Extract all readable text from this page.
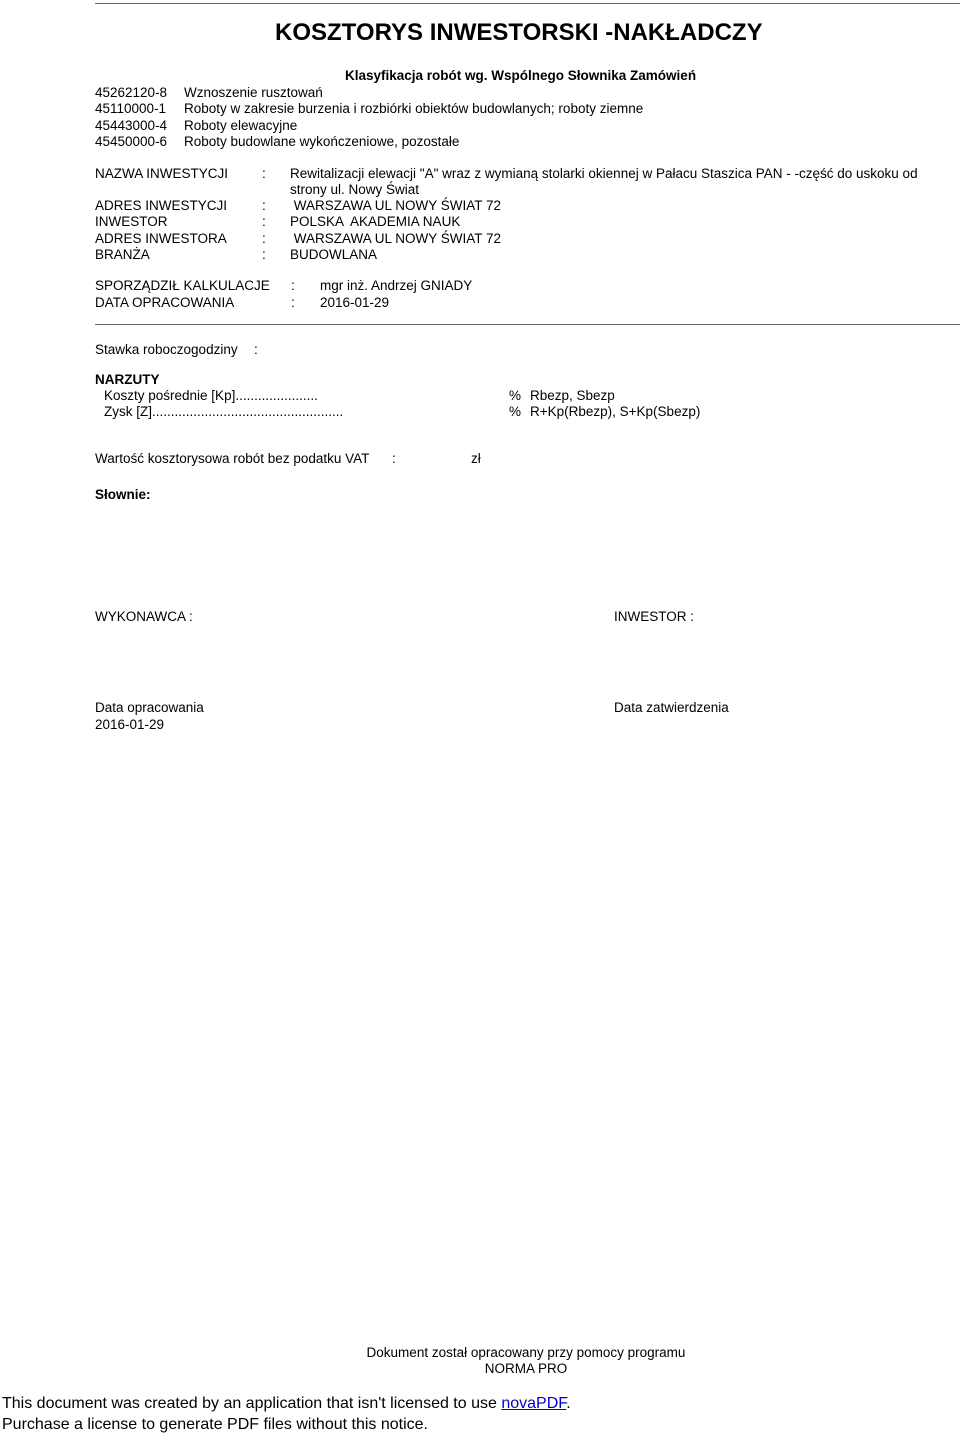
KOSZTORYS INWESTORSKI -NAKŁADCZY
Klasyfikacja robót wg. Wspólnego Słownika Zamówień
45262120-8 Wznoszenie rusztowań
45110000-1 Roboty w zakresie burzenia i rozbiórki obiektów budowlanych; roboty ziemne
45443000-4 Roboty elewacyjne
45450000-6 Roboty budowlane wykończeniowe, pozostałe
NAZWA INWESTYCJI	: Rewitalizacji elewacji "A" wraz z wymianą stolarki okiennej w Pałacu Staszica PAN - -część do uskoku od
strony ul. Nowy Świat
ADRES INWESTYCJI	: WARSZAWA UL NOWY ŚWIAT 72
INWESTOR	: POLSKA  AKADEMIA NAUK
ADRES INWESTORA	: WARSZAWA UL NOWY ŚWIAT 72
BRANŻA	: BUDOWLANA
SPORZĄDZIŁ KALKULACJE : mgr inż. Andrzej GNIADY
DATA OPRACOWANIA	: 2016-01-29
Stawka roboczogodziny :
NARZUTY
Koszty pośrednie [Kp]......................	% Rbezp, Sbezp
Zysk [Z]...................................................	% R+Kp(Rbezp), S+Kp(Sbezp)
Wartość kosztorysowa robót bez podatku VAT :	zł
Słownie:
WYKONAWCA :	INWESTOR :
Data opracowania
2016-01-29
Data zatwierdzenia
Dokument został opracowany przy pomocy programu
NORMA PRO
This document was created by an application that isn't licensed to use novaPDF.
Purchase a license to generate PDF files without this notice.
